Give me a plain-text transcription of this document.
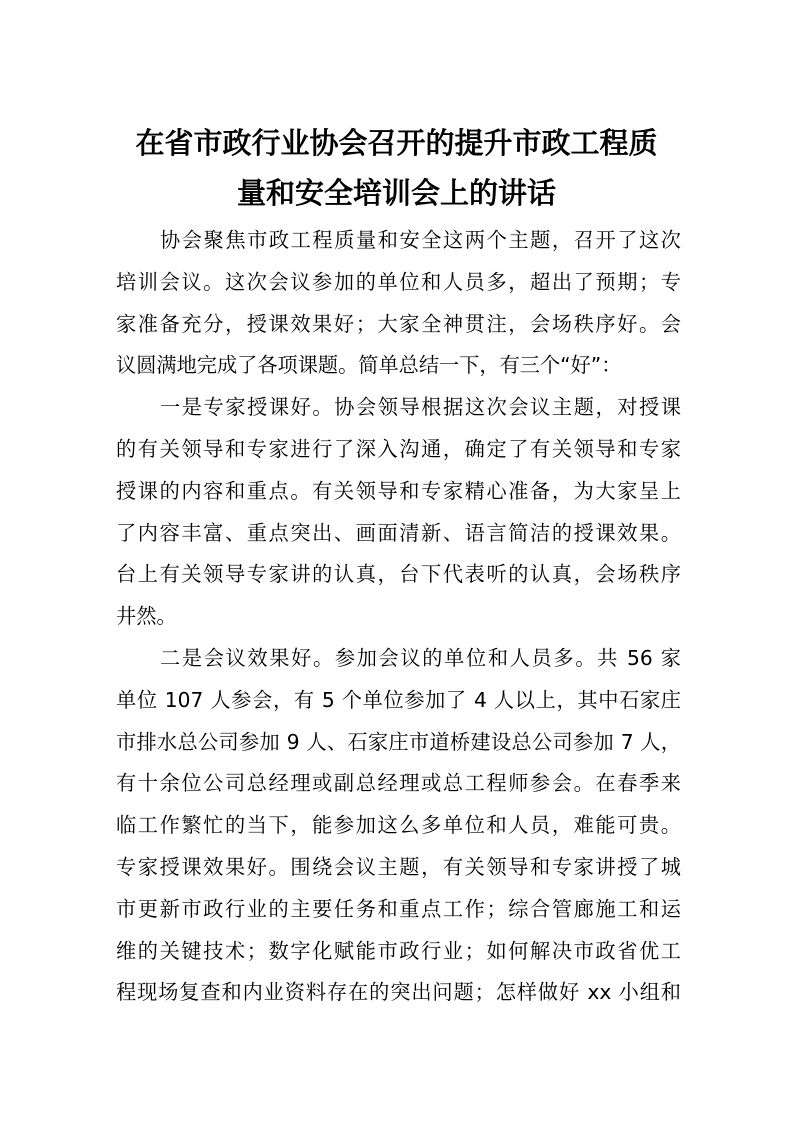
在省市政行业协会召开的提升市政工程质
量和安全培训会上的讲话
协会聚焦市政工程质量和安全这两个主题，召开了这次
培训会议。这次会议参加的单位和人员多，超出了预期；专
家准备充分，授课效果好；大家全神贯注，会场秩序好。会
议圆满地完成了各项课题。简单总结一下，有三个“好”：
一是专家授课好。协会领导根据这次会议主题，对授课
的有关领导和专家进行了深入沟通，确定了有关领导和专家
授课的内容和重点。有关领导和专家精心准备，为大家呈上
了内容丰富、重点突出、画面清新、语言简洁的授课效果。
台上有关领导专家讲的认真，台下代表听的认真，会场秩序
井然。
二是会议效果好。参加会议的单位和人员多。共 56 家
单位 107 人参会，有 5 个单位参加了 4 人以上，其中石家庄
市排水总公司参加 9 人、石家庄市道桥建设总公司参加 7 人，
有十余位公司总经理或副总经理或总工程师参会。在春季来
临工作繁忙的当下，能参加这么多单位和人员，难能可贵。
专家授课效果好。围绕会议主题，有关领导和专家讲授了城
市更新市政行业的主要任务和重点工作；综合管廊施工和运
维的关键技术；数字化赋能市政行业；如何解决市政省优工
程现场复查和内业资料存在的突出问题；怎样做好 xx 小组和
